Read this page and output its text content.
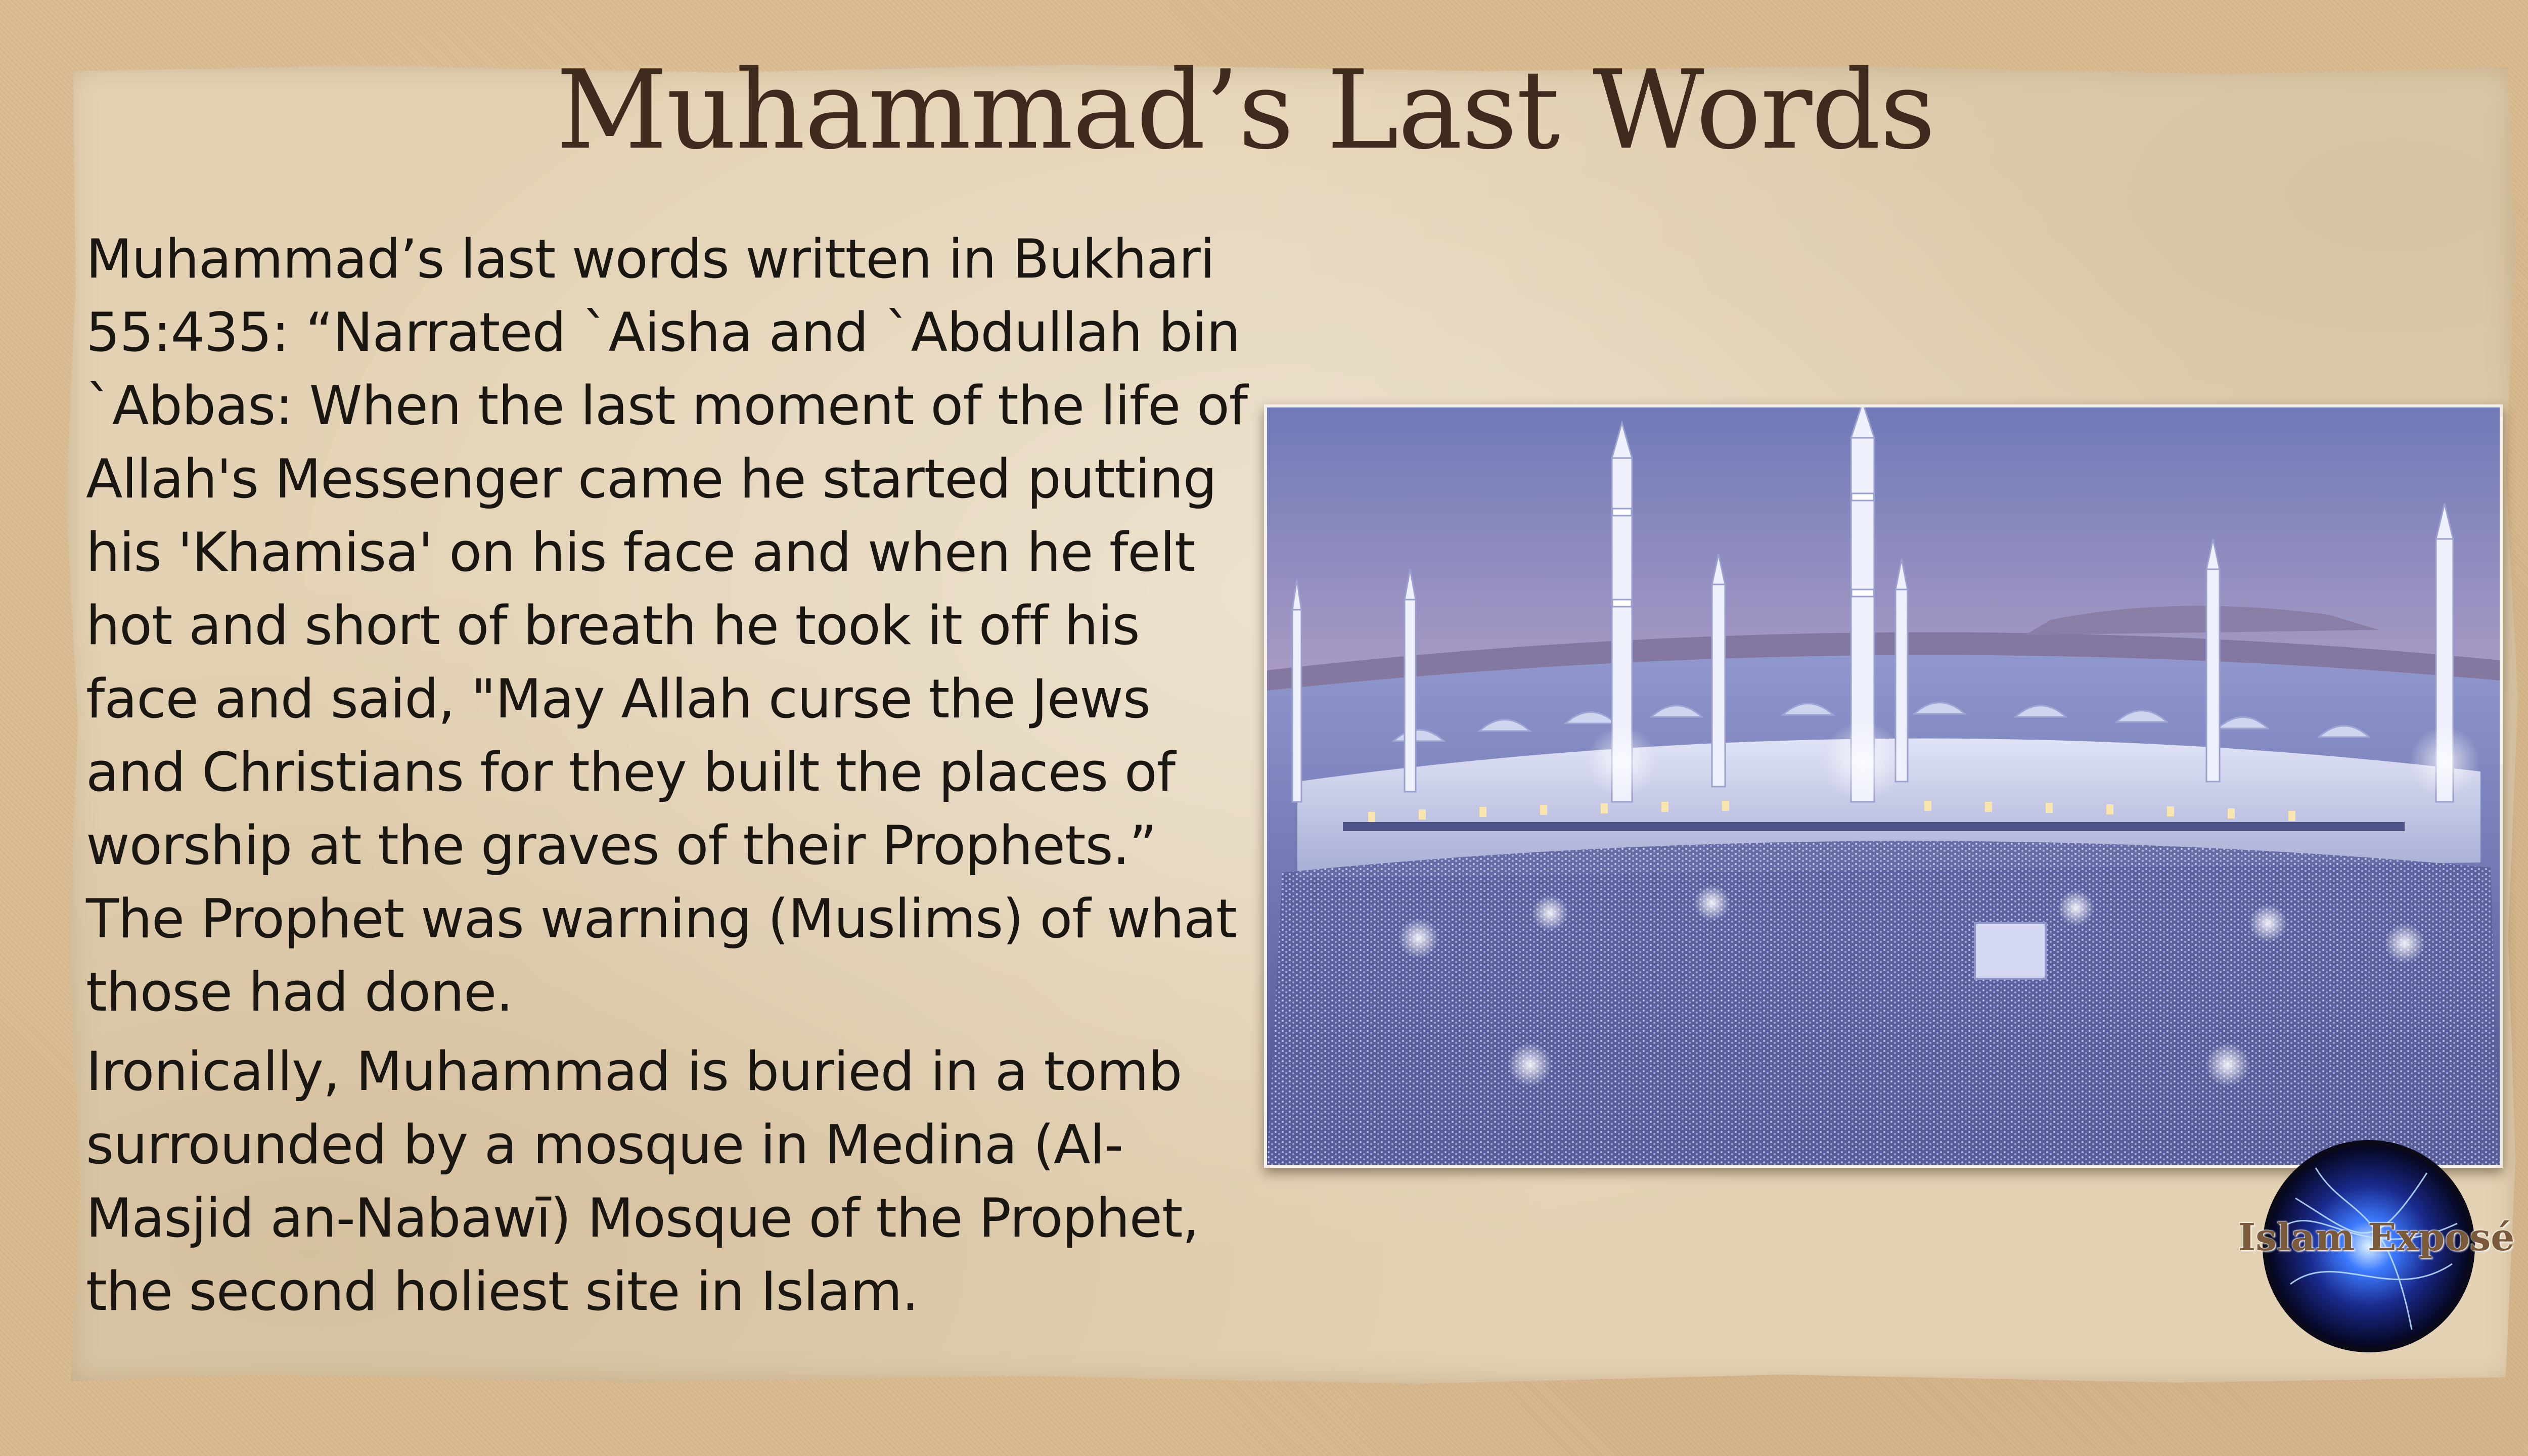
Muhammad’s Last Words

Muhammad’s last words written in Bukhari 55:435: “Narrated `Aisha and `Abdullah bin `Abbas: When the last moment of the life of Allah's Messenger came he started putting his 'Khamisa' on his face and when he felt hot and short of breath he took it off his face and said, "May Allah curse the Jews and Christians for they built the places of worship at the graves of their Prophets.” The Prophet was warning (Muslims) of what those had done.

Ironically, Muhammad is buried in a tomb surrounded by a mosque in Medina (Al-Masjid an-Nabawī) Mosque of the Prophet, the second holiest site in Islam.

Islam Exposé
